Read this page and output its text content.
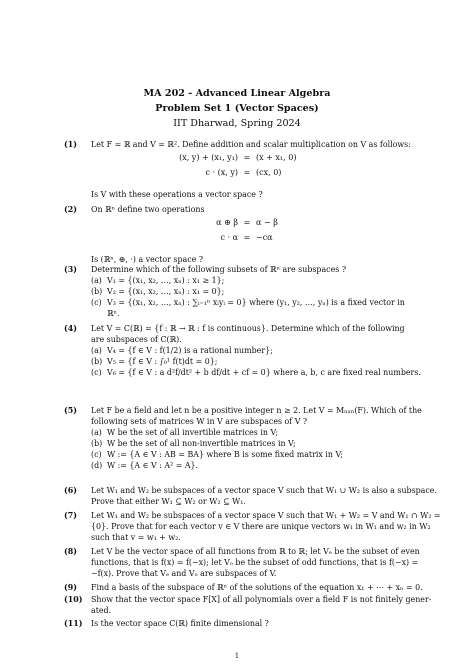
MA 202 - Advanced Linear Algebra
Problem Set 1 (Vector Spaces)
IIT Dharwad, Spring 2024
(1) Let F = ℝ and V = ℝ². Define addition and scalar multiplication on V as follows:
(x, y) + (x₁, y₁) = (x + x₁, 0)
c · (x, y) = (cx, 0)
Is V with these operations a vector space ?
(2) On ℝⁿ define two operations
α ⊕ β = α − β
c · α = −cα
Is (ℝⁿ, ⊕, ·) a vector space ?
(3) Determine which of the following subsets of ℝⁿ are subspaces ?
(a) V₁ = {(x₁, x₂, …, xₙ) : x₁ ≥ 1};
(b) V₂ = {(x₁, x₂, …, xₙ) : x₁ = 0};
(c) V₃ = {(x₁, x₂, …, xₙ) : ∑ᵢ₌₁ⁿ xᵢyᵢ = 0} where (y₁, y₂, …, yₙ) is a fixed vector in
ℝⁿ.
(4) Let V = C(ℝ) = {f : ℝ → ℝ : f is continuous}. Determine which of the following
are subspaces of C(ℝ).
(a) V₄ = {f ∈ V : f(1/2) is a rational number};
(b) V₅ = {f ∈ V : ∫₀¹ f(t)dt = 0};
(c) V₆ = {f ∈ V : a d²f/dt² + b df/dt + cf = 0} where a, b, c are fixed real numbers.
(5) Let F be a field and let n be a positive integer n ≥ 2. Let V = Mₙₓₙ(F). Which of the
following sets of matrices W in V are subspaces of V ?
(a) W be the set of all invertible matrices in V;
(b) W be the set of all non-invertible matrices in V;
(c) W := {A ∈ V : AB = BA} where B is some fixed matrix in V;
(d) W := {A ∈ V : A² = A}.
(6) Let W₁ and W₂ be subspaces of a vector space V such that W₁ ∪ W₂ is also a subspace.
Prove that either W₁ ⊆ W₂ or W₂ ⊆ W₁.
(7) Let W₁ and W₂ be subspaces of a vector space V such that W₁ + W₂ = V and W₁ ∩ W₂ =
{0}. Prove that for each vector v ∈ V there are unique vectors w₁ in W₁ and w₂ in W₂
such that v = w₁ + w₂.
(8) Let V be the vector space of all functions from ℝ to ℝ; let Vₑ be the subset of even
functions, that is f(x) = f(−x); let Vₒ be the subset of odd functions, that is f(−x) =
−f(x). Prove that Vₑ and Vₒ are subspaces of V.
(9) Find a basis of the subspace of ℝⁿ of the solutions of the equation x₁ + ⋯ + xₙ = 0.
(10) Show that the vector space F[X] of all polynomials over a field F is not finitely gener-
ated.
(11) Is the vector space C(ℝ) finite dimensional ?
1
